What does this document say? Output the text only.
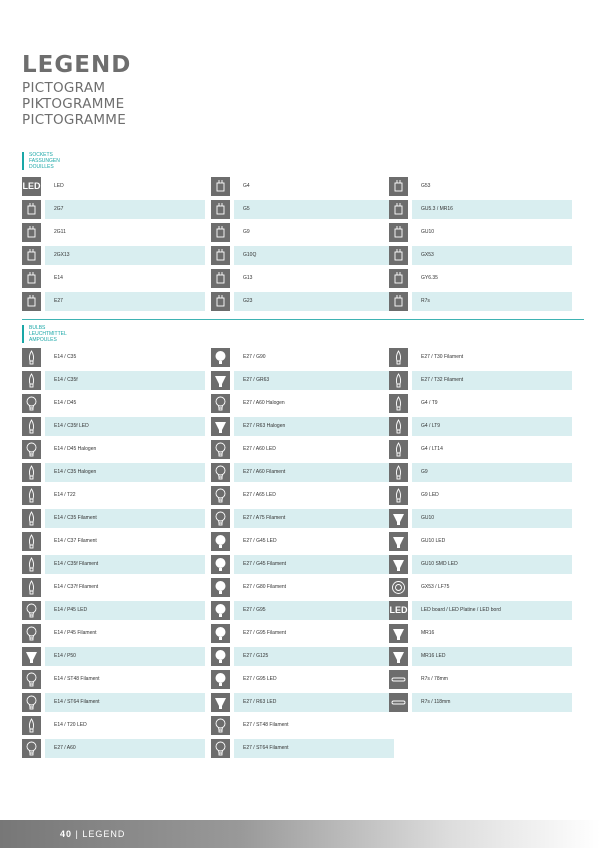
LEGEND
PICTOGRAM
PIKTOGRAMME
PICTOGRAMME
SOCKETS
FASSUNGEN
DOUILLES
LED	LED
2G7
2G11
2GX13
E14
E27
G4
G5
G9
G10Q
G13
G23
G53
GU5.3 / MR16
GU10
GX53
GY6.35
R7s
BULBS
LEUCHTMITTEL
AMPOULES
E14 / C35
E14 / C35f
E14 / D45
E14 / C35f LED
E14 / D45 Halogen
E14 / C35 Halogen
E14 / T22
E14 / C35 Filament
E14 / C37 Filament
E14 / C35f Filament
E14 / C37f Filament
E14 / P45 LED
E14 / P45 Filament
E14 / P50
E14 / ST48 Filament
E14 / ST64 Filament
E14 / T20 LED
E27 / A60
E27 / G90
E27 / GR63
E27 / A60 Halogen
E27 / R63 Halogen
E27 / A60 LED
E27 / A60 Filament
E27 / A65 LED
E27 / A75 Filament
E27 / G45 LED
E27 / G45 Filament
E27 / G80 Filament
E27 / G95
E27 / G95 Filament
E27 / G125
E27 / G95 LED
E27 / R63 LED
E27 / ST48 Filament
E27 / ST64 Filament
E27 / T30 Filament
E27 / T32 Filament
G4 / T9
G4 / LT9
G4 / LT14
G9
G9 LED
GU10
GU10 LED
GU10 SMD LED
GX53 / LF75
LED	LED board / LED Platine / LED bord
MR16
MR16 LED
R7s / 78mm
R7s / 118mm
40 | LEGEND
